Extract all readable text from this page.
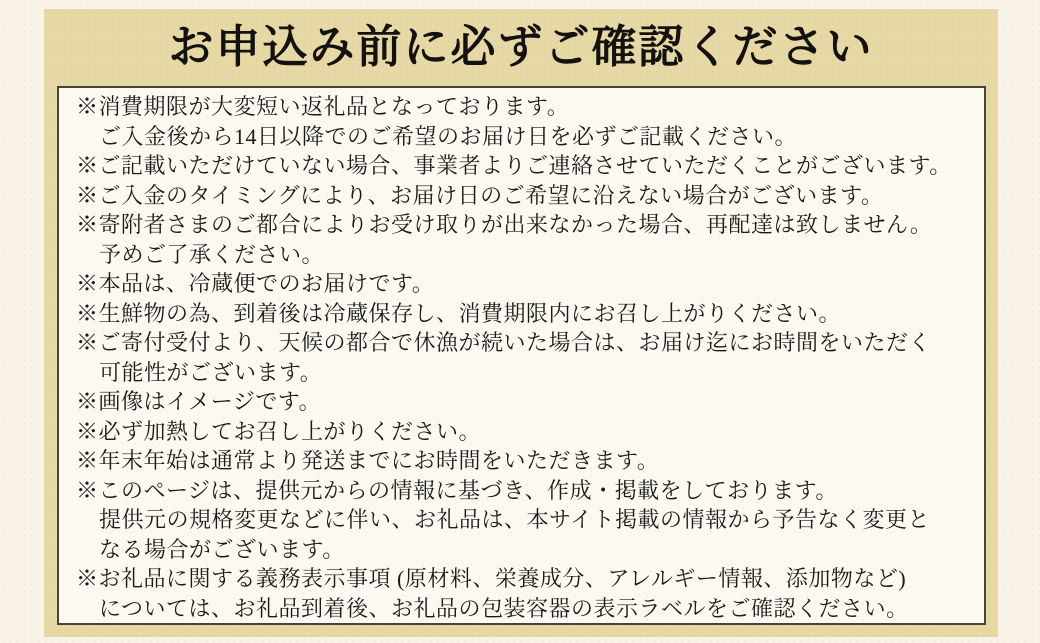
お申込み前に必ずご確認ください
※消費期限が大変短い返礼品となっております。
ご入金後から14日以降でのご希望のお届け日を必ずご記載ください。
※ご記載いただけていない場合、事業者よりご連絡させていただくことがございます。
※ご入金のタイミングにより、お届け日のご希望に沿えない場合がございます。
※寄附者さまのご都合によりお受け取りが出来なかった場合、再配達は致しません。
予めご了承ください。
※本品は、冷蔵便でのお届けです。
※生鮮物の為、到着後は冷蔵保存し、消費期限内にお召し上がりください。
※ご寄付受付より、天候の都合で休漁が続いた場合は、お届け迄にお時間をいただく
可能性がございます。
※画像はイメージです。
※必ず加熱してお召し上がりください。
※年末年始は通常より発送までにお時間をいただきます。
※このページは、提供元からの情報に基づき、作成・掲載をしております。
提供元の規格変更などに伴い、お礼品は、本サイト掲載の情報から予告なく変更と
なる場合がございます。
※お礼品に関する義務表示事項 (原材料、栄養成分、アレルギー情報、添加物など)
については、お礼品到着後、お礼品の包装容器の表示ラベルをご確認ください。
